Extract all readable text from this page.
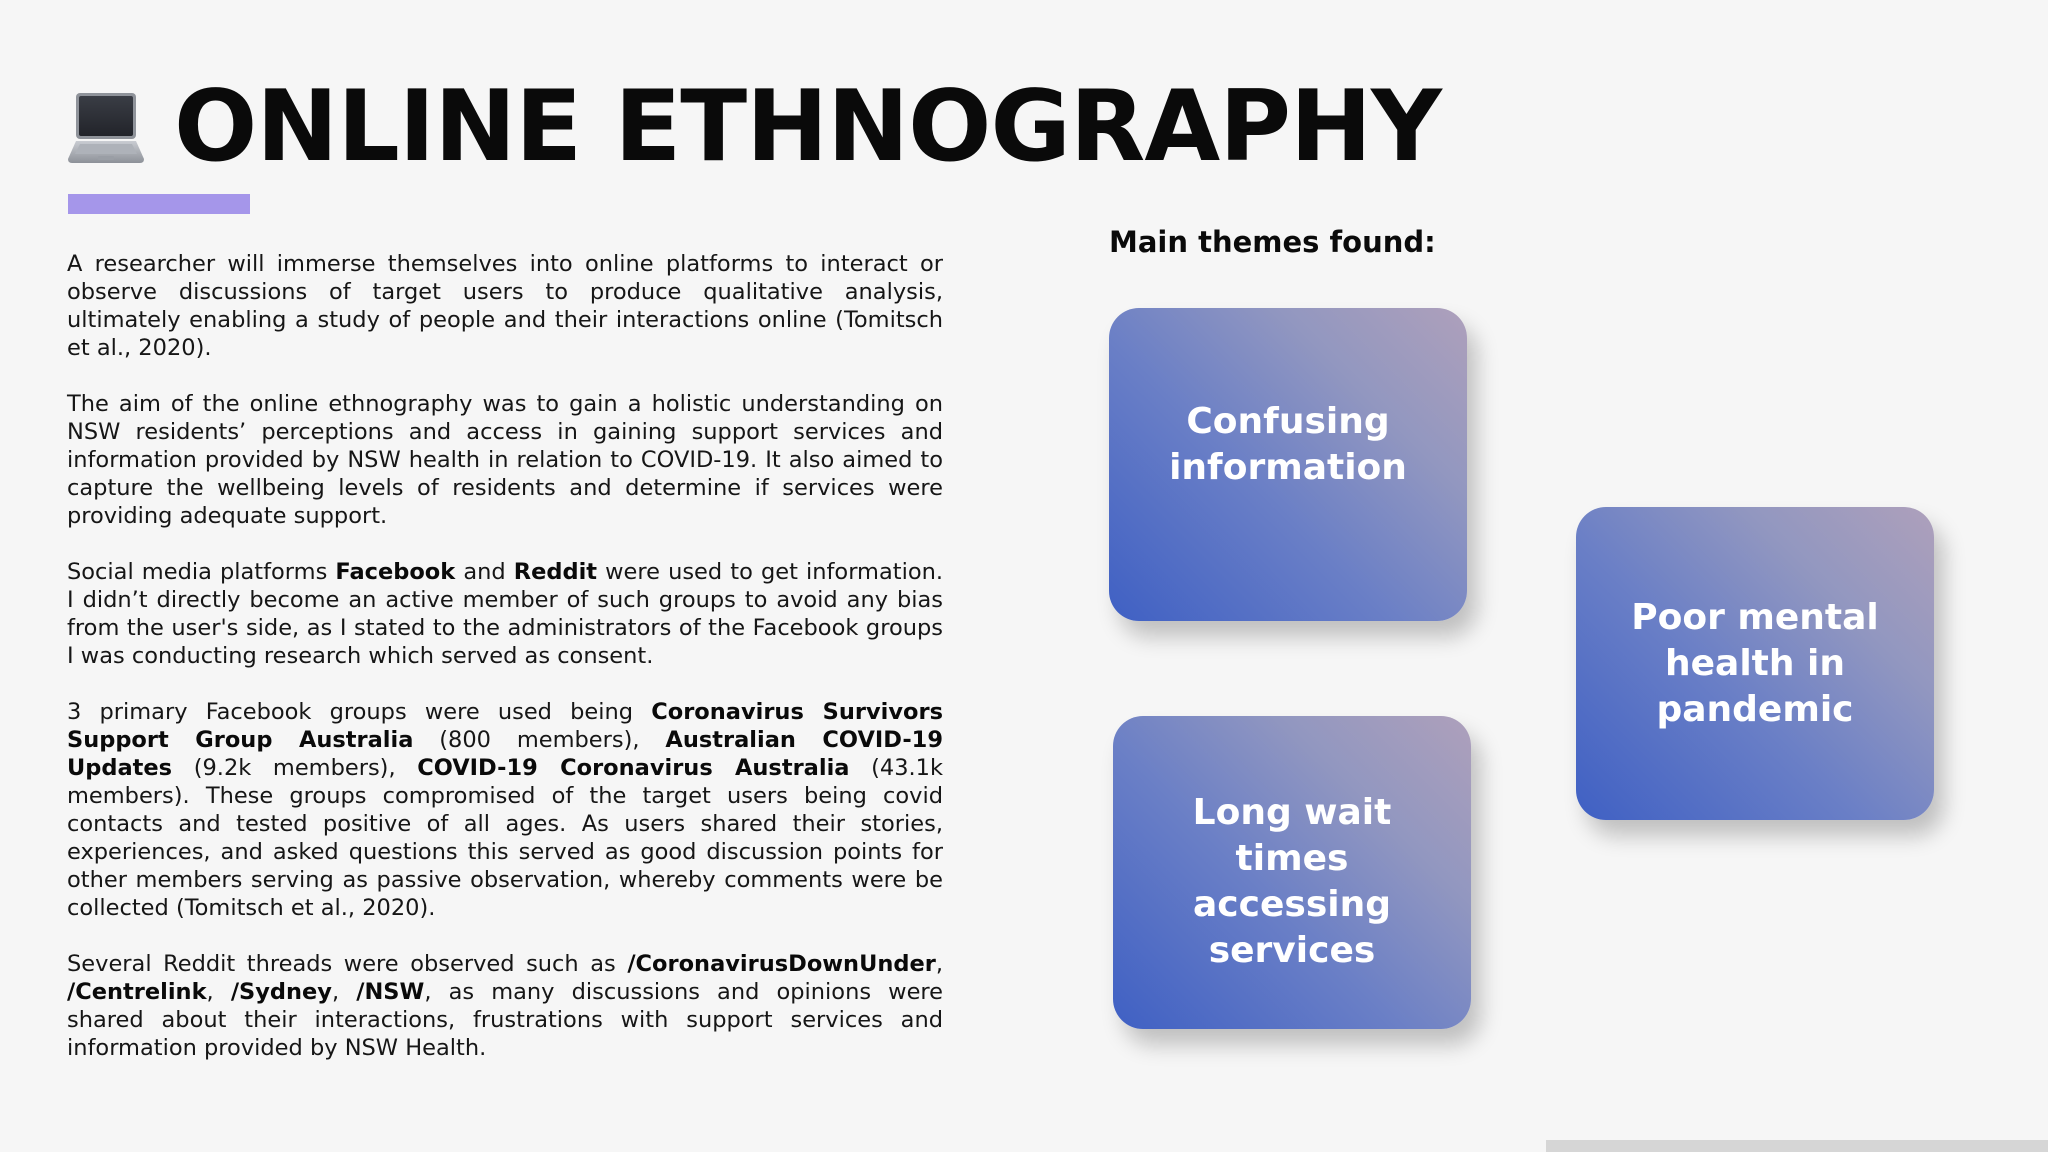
ONLINE ETHNOGRAPHY

A researcher will immerse themselves into online platforms to interact or observe discussions of target users to produce qualitative analysis, ultimately enabling a study of people and their interactions online (Tomitsch et al., 2020).

The aim of the online ethnography was to gain a holistic understanding on NSW residents’ perceptions and access in gaining support services and information provided by NSW health in relation to COVID-19. It also aimed to capture the wellbeing levels of residents and determine if services were providing adequate support.

Social media platforms Facebook and Reddit were used to get information. I didn’t directly become an active member of such groups to avoid any bias from the user's side, as I stated to the administrators of the Facebook groups I was conducting research which served as consent.

3 primary Facebook groups were used being Coronavirus Survivors Support Group Australia (800 members), Australian COVID-19 Updates (9.2k members), COVID-19 Coronavirus Australia (43.1k members). These groups compromised of the target users being covid contacts and tested positive of all ages. As users shared their stories, experiences, and asked questions this served as good discussion points for other members serving as passive observation, whereby comments were be collected (Tomitsch et al., 2020).

Several Reddit threads were observed such as /CoronavirusDownUnder, /Centrelink, /Sydney, /NSW, as many discussions and opinions were shared about their interactions, frustrations with support services and information provided by NSW Health.

Main themes found:
Confusing information
Poor mental health in pandemic
Long wait times accessing services
